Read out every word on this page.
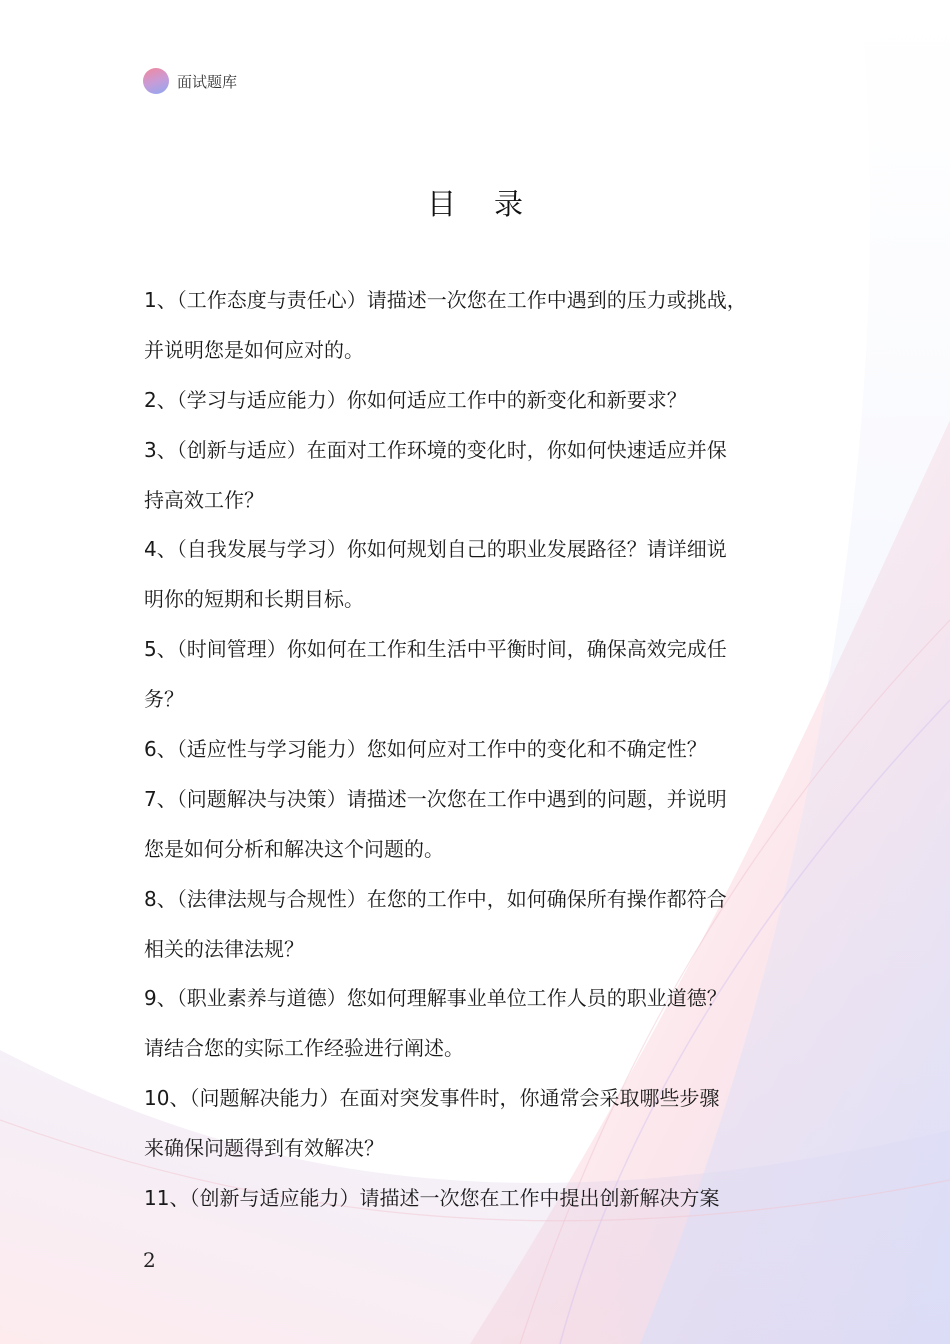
面试题库
目录
1、（工作态度与责任心）请描述一次您在工作中遇到的压力或挑战，
并说明您是如何应对的。
2、（学习与适应能力）你如何适应工作中的新变化和新要求？
3、（创新与适应）在面对工作环境的变化时，你如何快速适应并保
持高效工作？
4、（自我发展与学习）你如何规划自己的职业发展路径？请详细说
明你的短期和长期目标。
5、（时间管理）你如何在工作和生活中平衡时间，确保高效完成任
务？
6、（适应性与学习能力）您如何应对工作中的变化和不确定性？
7、（问题解决与决策）请描述一次您在工作中遇到的问题，并说明
您是如何分析和解决这个问题的。
8、（法律法规与合规性）在您的工作中，如何确保所有操作都符合
相关的法律法规？
9、（职业素养与道德）您如何理解事业单位工作人员的职业道德？
请结合您的实际工作经验进行阐述。
10、（问题解决能力）在面对突发事件时，你通常会采取哪些步骤
来确保问题得到有效解决？
11、（创新与适应能力）请描述一次您在工作中提出创新解决方案
2
